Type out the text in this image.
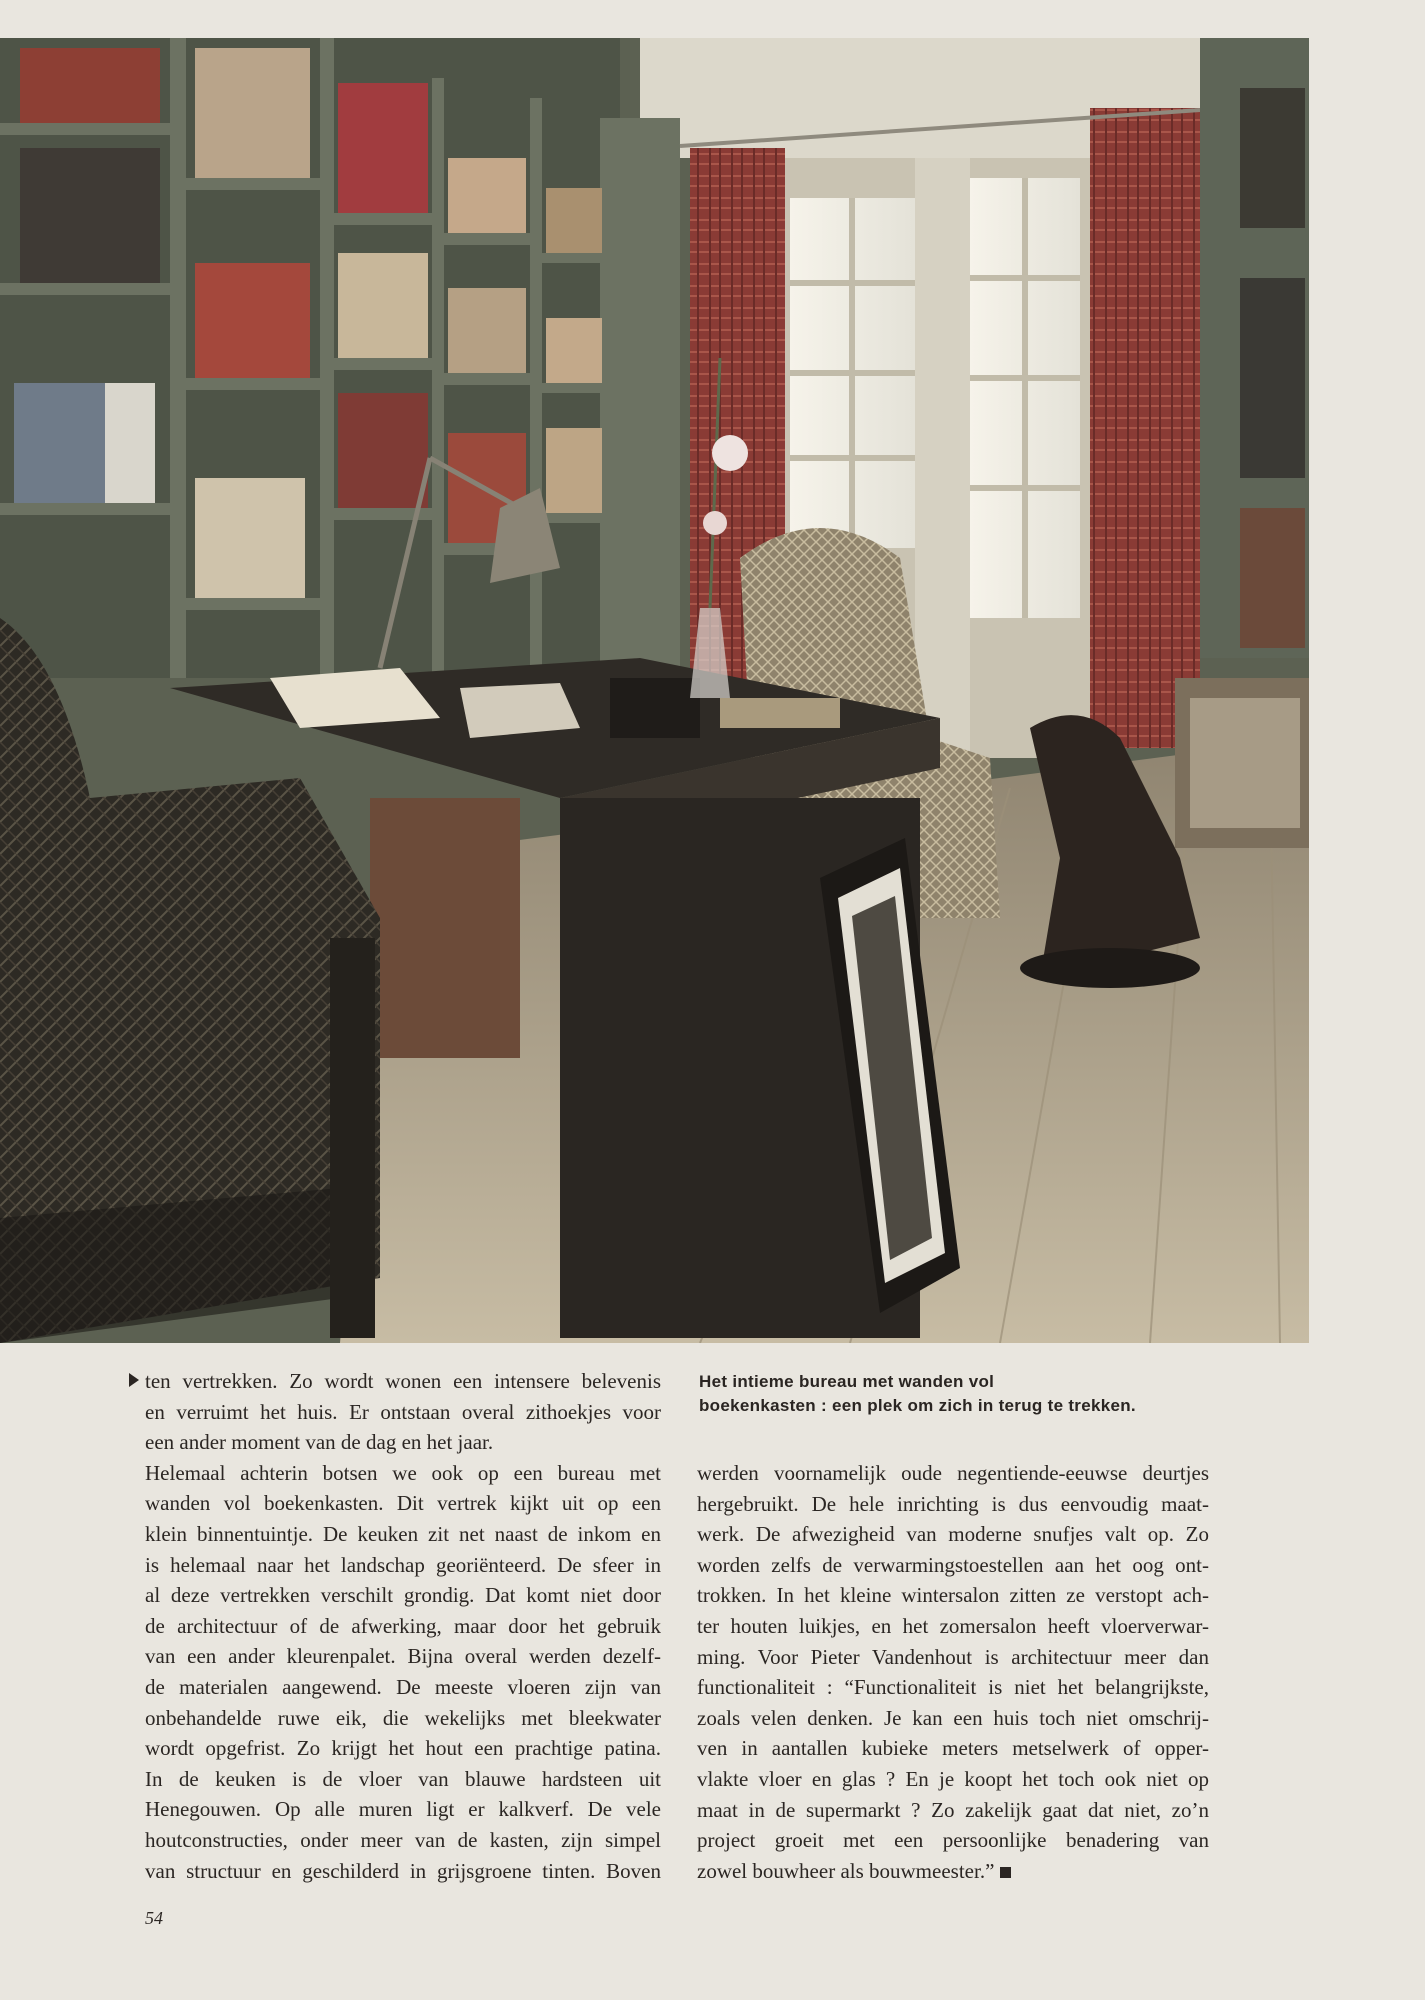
Het intieme bureau met wanden vol
boekenkasten : een plek om zich in terug te trekken.

ten vertrekken. Zo wordt wonen een intensere belevenis

en verruimt het huis. Er ontstaan overal zithoekjes voor

een ander moment van de dag en het jaar.

Helemaal achterin botsen we ook op een bureau met

wanden vol boekenkasten. Dit vertrek kijkt uit op een

klein binnentuintje. De keuken zit net naast de inkom en

is helemaal naar het landschap georiënteerd. De sfeer in

al deze vertrekken verschilt grondig. Dat komt niet door

de architectuur of de afwerking, maar door het gebruik

van een ander kleurenpalet. Bijna overal werden dezelf-

de materialen aangewend. De meeste vloeren zijn van

onbehandelde ruwe eik, die wekelijks met bleekwater

wordt opgefrist. Zo krijgt het hout een prachtige patina.

In de keuken is de vloer van blauwe hardsteen uit

Henegouwen. Op alle muren ligt er kalkverf. De vele

houtconstructies, onder meer van de kasten, zijn simpel

van structuur en geschilderd in grijsgroene tinten. Boven

werden voornamelijk oude negentiende-eeuwse deurtjes

hergebruikt. De hele inrichting is dus eenvoudig maat-

werk. De afwezigheid van moderne snufjes valt op. Zo

worden zelfs de verwarmingstoestellen aan het oog ont-

trokken. In het kleine wintersalon zitten ze verstopt ach-

ter houten luikjes, en het zomersalon heeft vloerverwar-

ming. Voor Pieter Vandenhout is architectuur meer dan

functionaliteit : “Functionaliteit is niet het belangrijkste,

zoals velen denken. Je kan een huis toch niet omschrij-

ven in aantallen kubieke meters metselwerk of opper-

vlakte vloer en glas ? En je koopt het toch ook niet op

maat in de supermarkt ? Zo zakelijk gaat dat niet, zo’n

project groeit met een persoonlijke benadering van

zowel bouwheer als bouwmeester.”

54
